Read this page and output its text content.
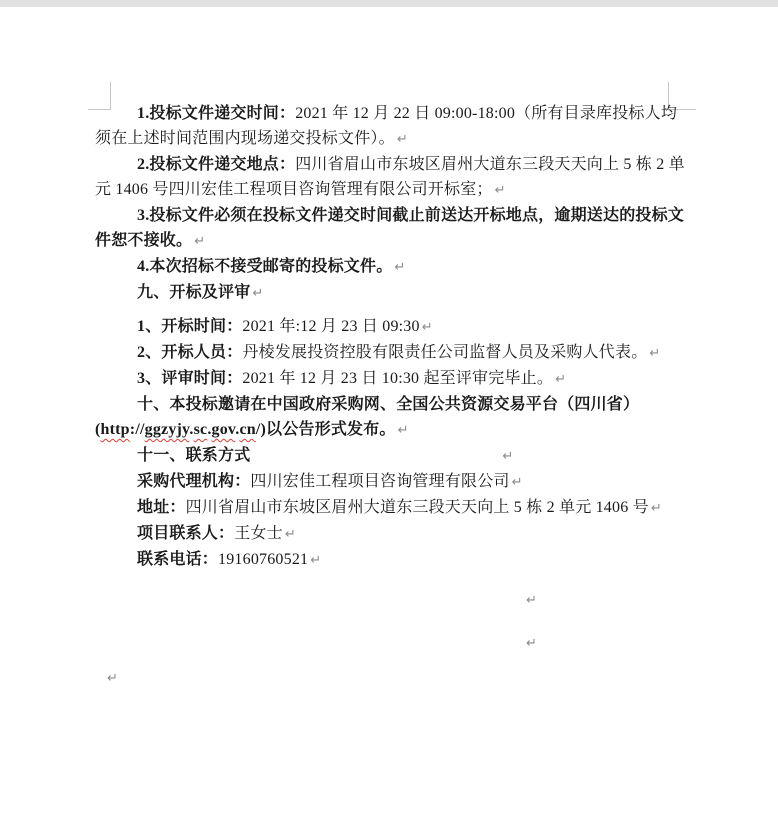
1.投标文件递交时间：2021 年 12 月 22 日 09:00-18:00（所有目录库投标人均须在上述时间范围内现场递交投标文件）。 ↵

2.投标文件递交地点：四川省眉山市东坡区眉州大道东三段天天向上 5 栋 2 单元 1406 号四川宏佳工程项目咨询管理有限公司开标室； ↵

3.投标文件必须在投标文件递交时间截止前送达开标地点，逾期送达的投标文件恕不接收。 ↵

4.本次招标不接受邮寄的投标文件。 ↵

九、开标及评审 ↵

1、开标时间：2021 年:12 月 23 日 09:30 ↵

2、开标人员：丹棱发展投资控股有限责任公司监督人员及采购人代表。 ↵

3、评审时间：2021 年 12 月 23 日 10:30 起至评审完毕止。 ↵

十、本投标邀请在中国政府采购网、全国公共资源交易平台（四川省）(http://ggzyjy.sc.gov.cn/)以公告形式发布。 ↵

十一、联系方式	↵

采购代理机构：四川宏佳工程项目咨询管理有限公司 ↵

地址：四川省眉山市东坡区眉州大道东三段天天向上 5 栋 2 单元 1406 号 ↵

项目联系人：王女士 ↵

联系电话：19160760521 ↵

↵

↵

↵
